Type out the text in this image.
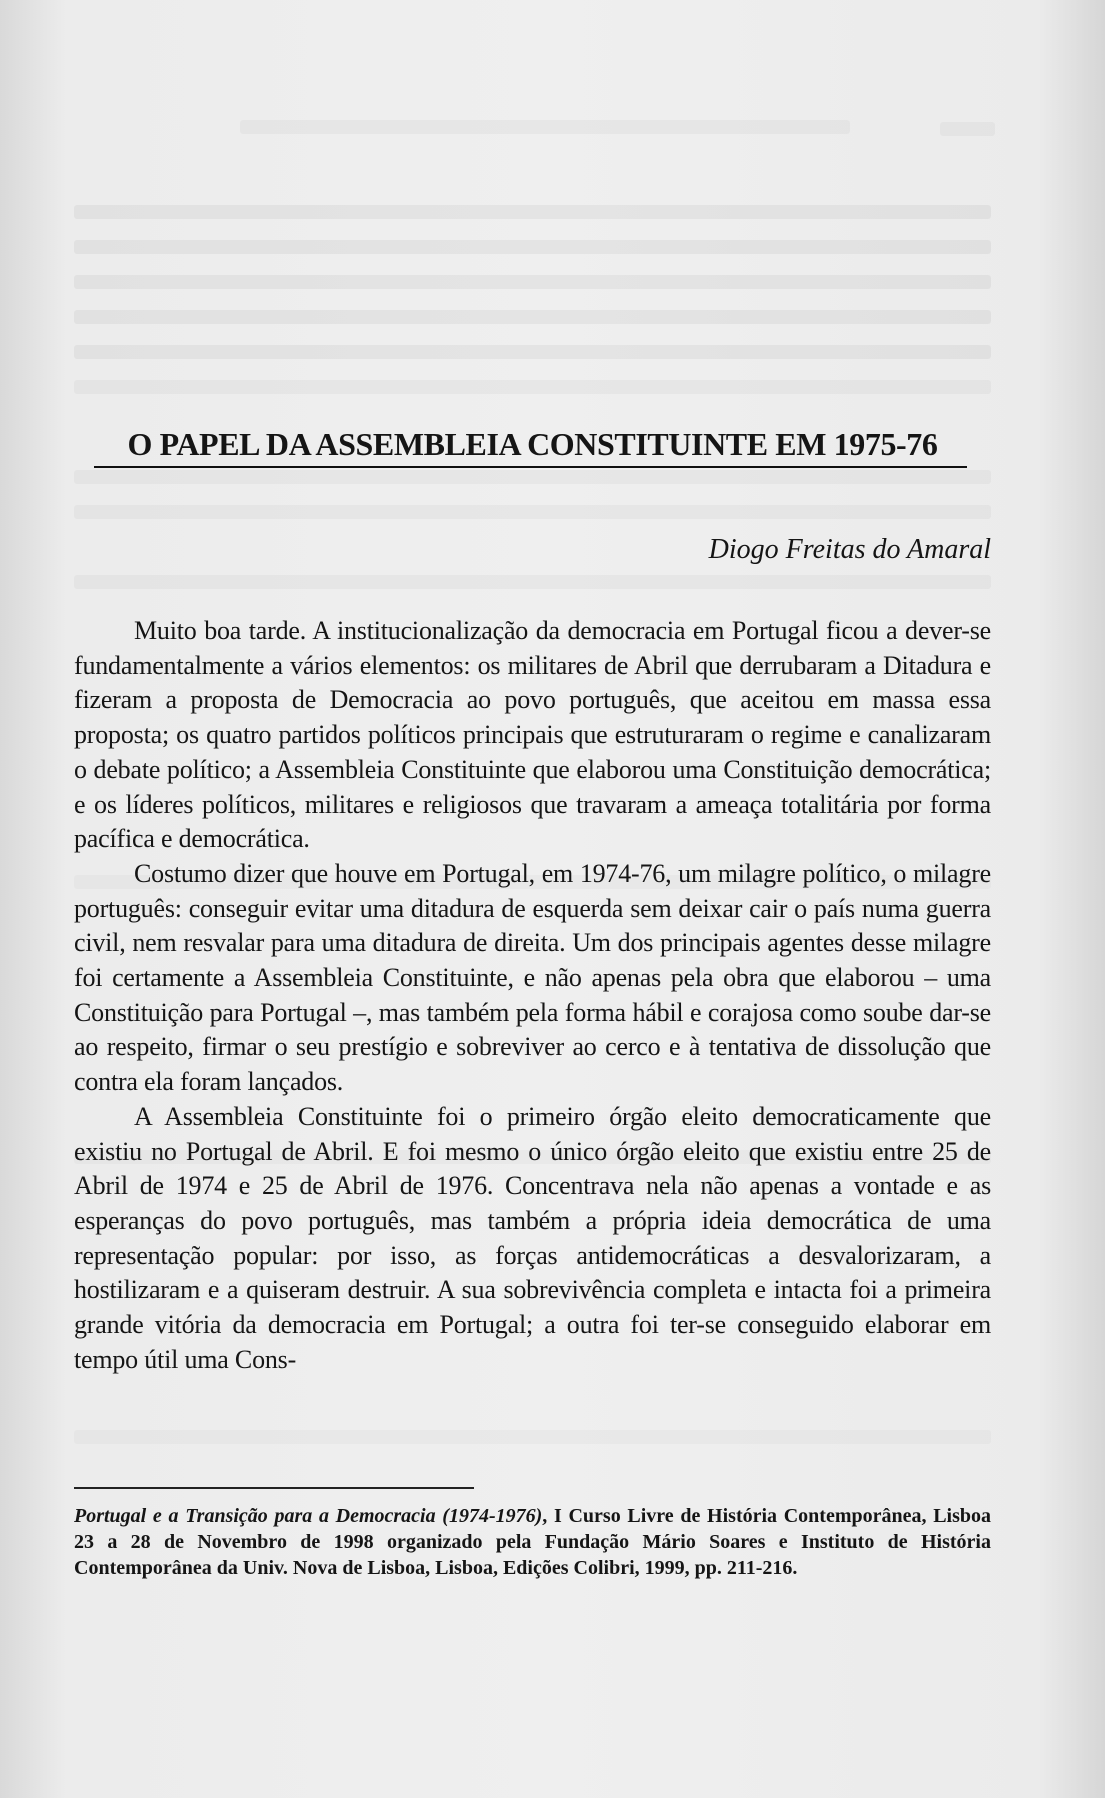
O PAPEL DA ASSEMBLEIA CONSTITUINTE EM 1975-76

Diogo Freitas do Amaral

Muito boa tarde. A institucionalização da democracia em Portugal ficou a dever-se fundamentalmente a vários elementos: os militares de Abril que derrubaram a Ditadura e fizeram a proposta de Democracia ao povo português, que aceitou em massa essa proposta; os quatro partidos políticos principais que estruturaram o regime e canalizaram o debate político; a Assembleia Constituinte que elaborou uma Constituição democrática; e os líderes políticos, militares e religiosos que travaram a ameaça totalitária por forma pacífica e democrática.

Costumo dizer que houve em Portugal, em 1974-76, um milagre político, o milagre português: conseguir evitar uma ditadura de esquerda sem deixar cair o país numa guerra civil, nem resvalar para uma ditadura de direita. Um dos principais agentes desse milagre foi certamente a Assembleia Constituinte, e não apenas pela obra que elaborou – uma Constituição para Portugal –, mas também pela forma hábil e corajosa como soube dar-se ao respeito, firmar o seu prestígio e sobreviver ao cerco e à tentativa de dissolução que contra ela foram lançados.

A Assembleia Constituinte foi o primeiro órgão eleito democraticamente que existiu no Portugal de Abril. E foi mesmo o único órgão eleito que existiu entre 25 de Abril de 1974 e 25 de Abril de 1976. Concentrava nela não apenas a vontade e as esperanças do povo português, mas também a própria ideia democrática de uma representação popular: por isso, as forças antidemocráticas a desvalorizaram, a hostilizaram e a quiseram destruir. A sua sobrevivência completa e intacta foi a primeira grande vitória da democracia em Portugal; a outra foi ter-se conseguido elaborar em tempo útil uma Cons-

Portugal e a Transição para a Democracia (1974-1976), I Curso Livre de História Contemporânea, Lisboa 23 a 28 de Novembro de 1998 organizado pela Fundação Mário Soares e Instituto de História Contemporânea da Univ. Nova de Lisboa, Lisboa, Edições Colibri, 1999, pp. 211-216.
